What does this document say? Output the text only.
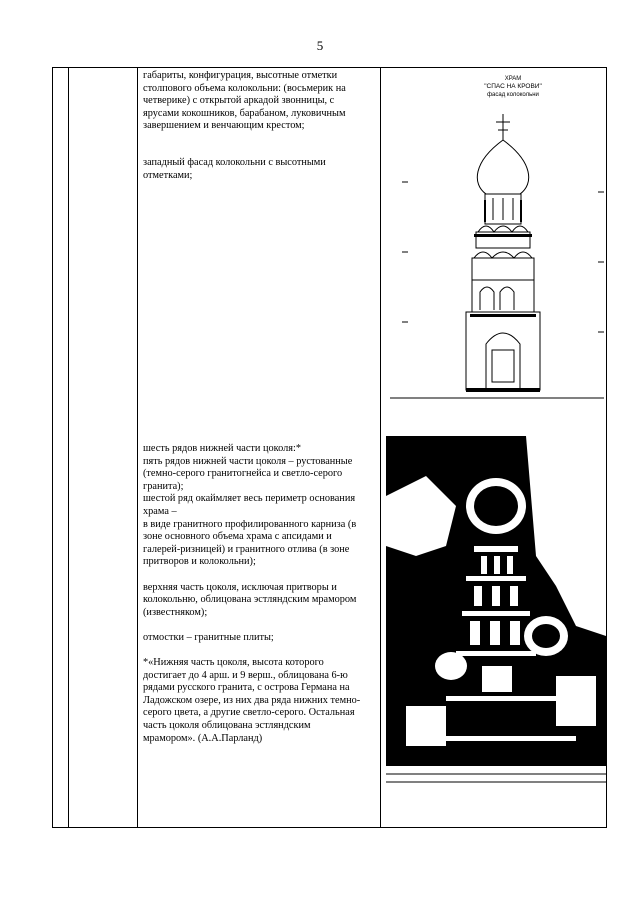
5

габариты, конфигурация, высотные отметки

столпового объема колокольни: (восьмерик на

четверике) с открытой аркадой звонницы, с

ярусами кокошников, барабаном, луковичным

завершением и венчающим крестом;

западный фасад колокольни с высотными

отметками;

шесть рядов нижней части цоколя:*

пять рядов нижней части цоколя – рустованные

(темно-серого гранитогнейса и светло-серого

гранита);

шестой ряд окаймляет весь периметр основания

храма –

в виде гранитного профилированного карниза (в

зоне основного объема храма с апсидами и

галерей-ризницей) и гранитного отлива (в зоне

притворов и колокольни);

верхняя часть цоколя, исключая притворы и

колокольню, облицована эстляндским мрамором

(известняком);

отмостки – гранитные плиты;

*«Нижняя часть цоколя, высота которого

достигает до 4 арш. и 9 верш., облицована 6-ю

рядами русского гранита, с острова Германа на

Ладожском озере, из них два ряда нижних темно-

серого цвета, а другие светло-серого. Остальная

часть цоколя облицована эстляндским

мрамором». (А.А.Парланд)

ХРАМ
"СПАС НА КРОВИ"
фасад колокольни
